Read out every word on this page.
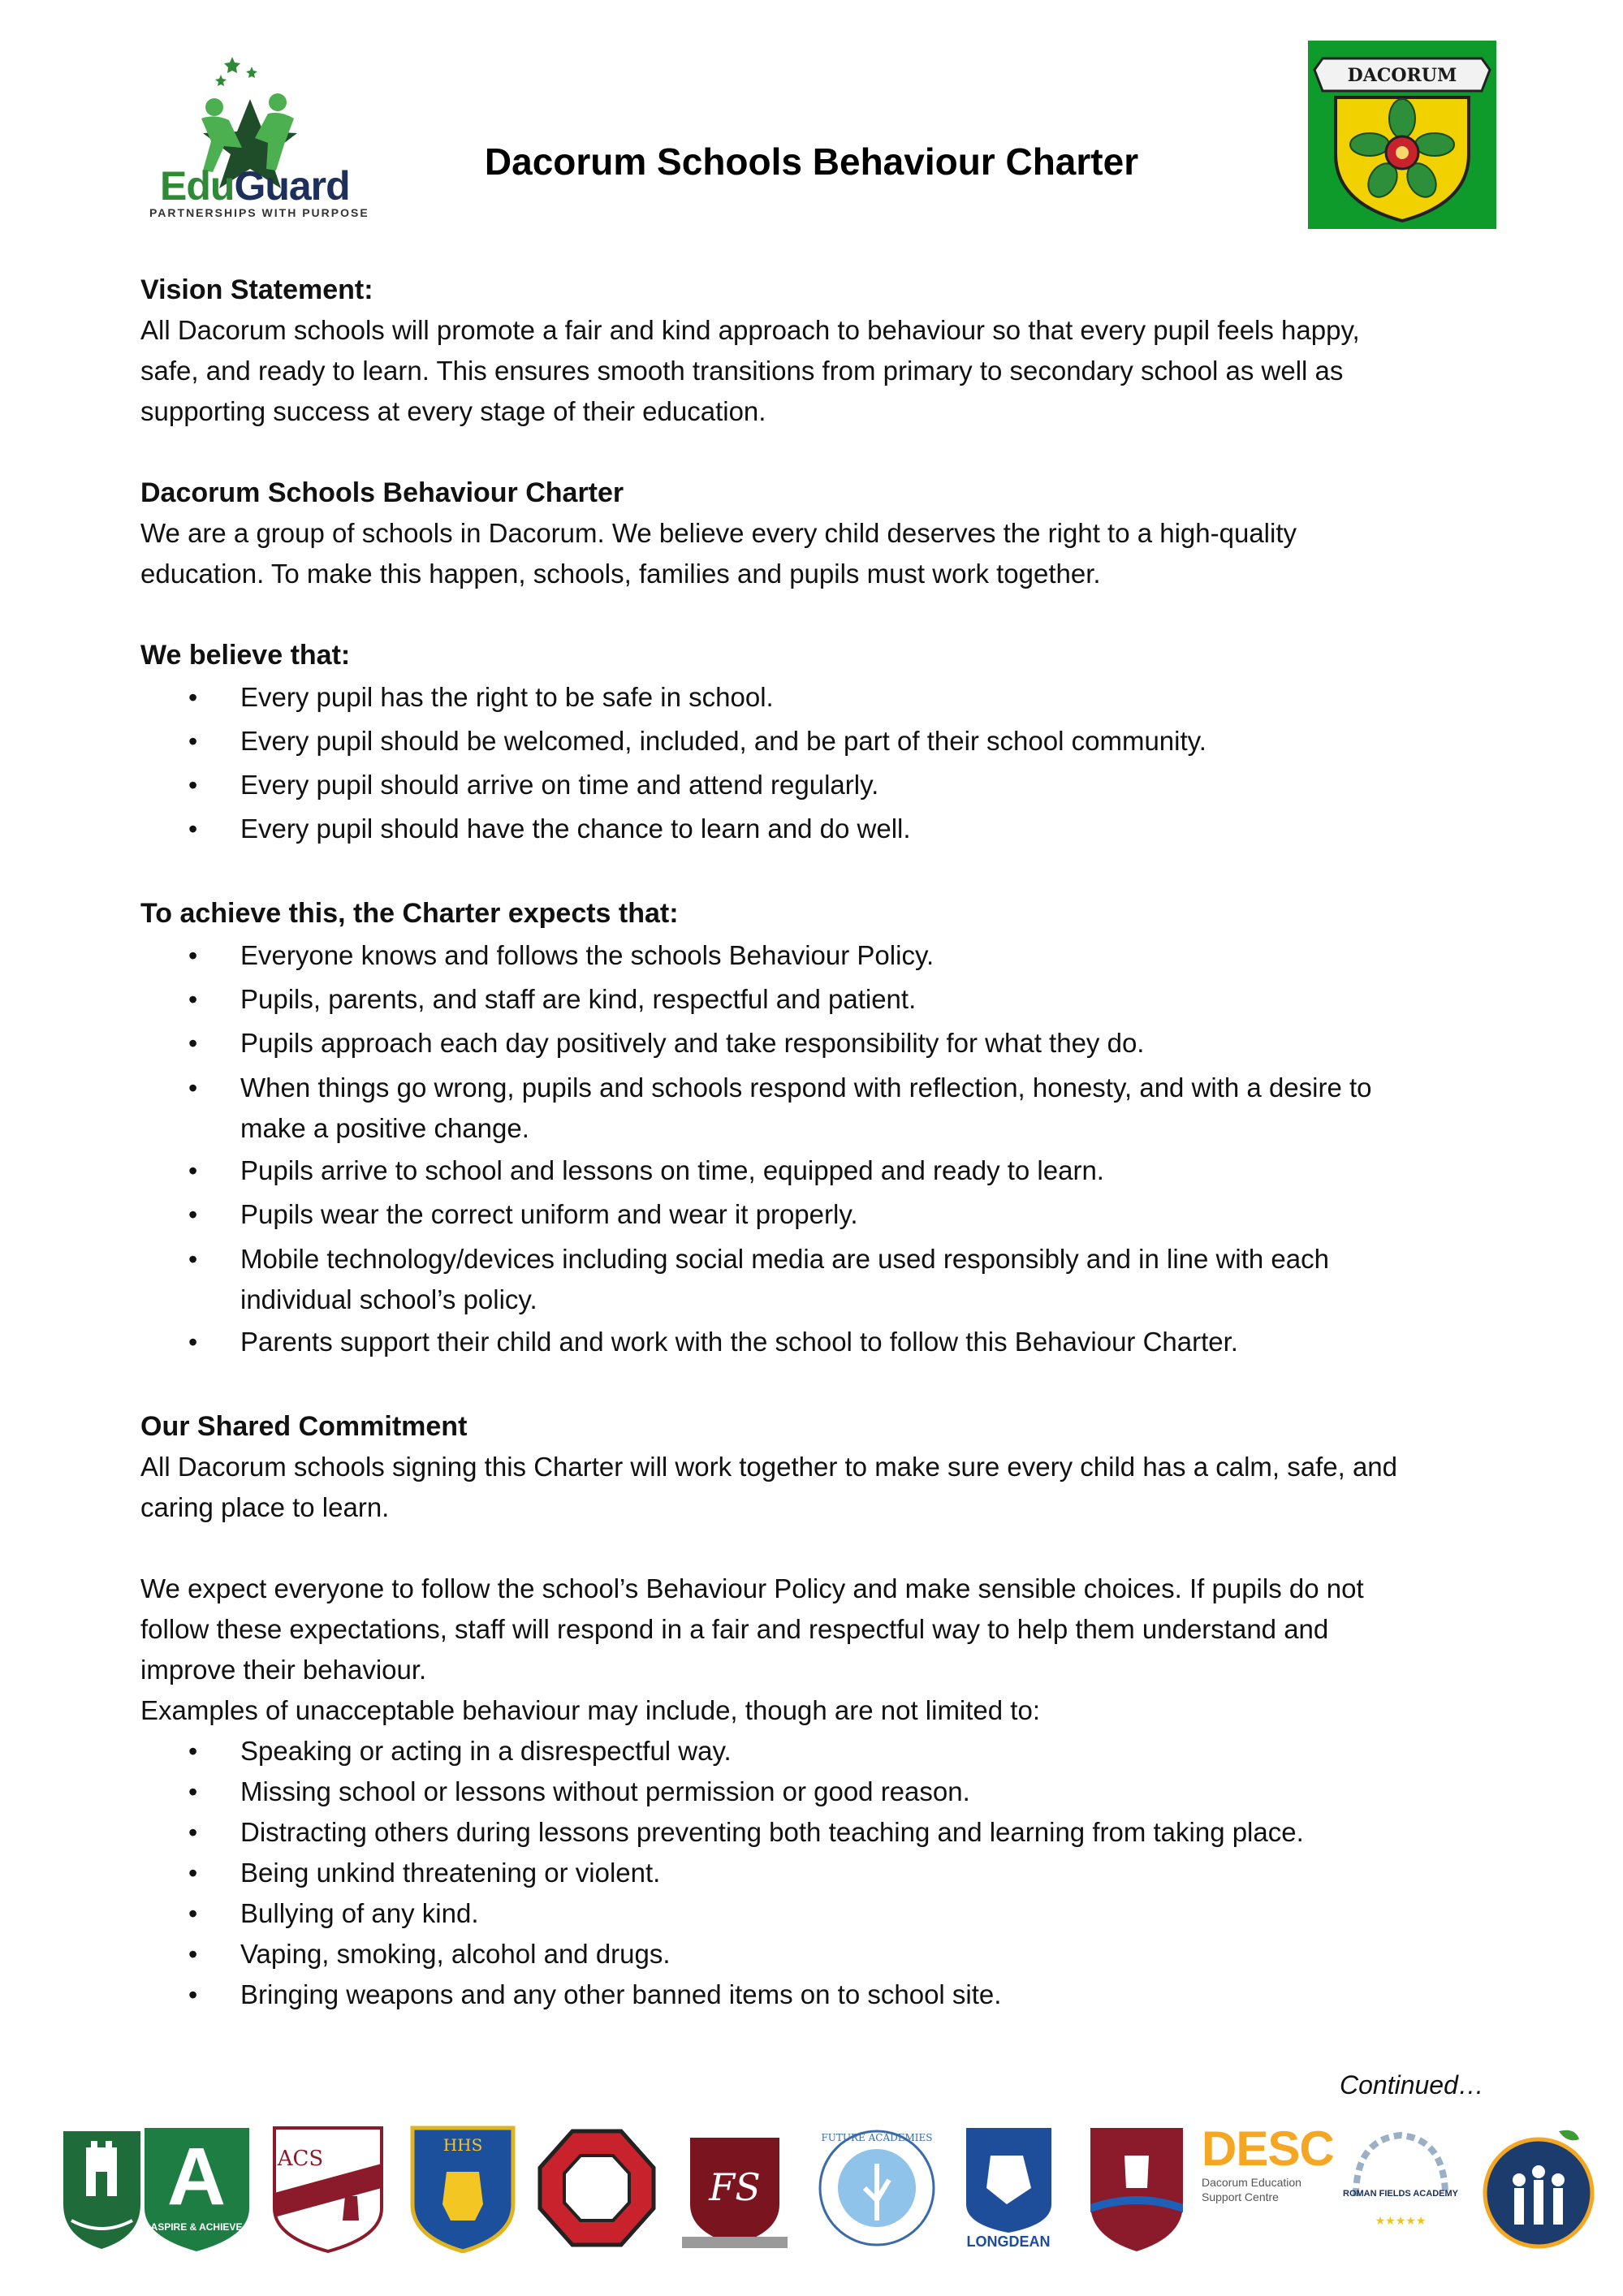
EduGuard
PARTNERSHIPS WITH PURPOSE
Dacorum Schools Behaviour Charter
DACORUM

Vision Statement:

All Dacorum schools will promote a fair and kind approach to behaviour so that every pupil feels happy,

safe, and ready to learn. This ensures smooth transitions from primary to secondary school as well as

supporting success at every stage of their education.

Dacorum Schools Behaviour Charter

We are a group of schools in Dacorum. We believe every child deserves the right to a high-quality

education. To make this happen, schools, families and pupils must work together.

We believe that:

• Every pupil has the right to be safe in school.
• Every pupil should be welcomed, included, and be part of their school community.
• Every pupil should arrive on time and attend regularly.
• Every pupil should have the chance to learn and do well.

To achieve this, the Charter expects that:

• Everyone knows and follows the schools Behaviour Policy.
• Pupils, parents, and staff are kind, respectful and patient.
• Pupils approach each day positively and take responsibility for what they do.
• When things go wrong, pupils and schools respond with reflection, honesty, and with a desire to
make a positive change.
• Pupils arrive to school and lessons on time, equipped and ready to learn.
• Pupils wear the correct uniform and wear it properly.
• Mobile technology/devices including social media are used responsibly and in line with each
individual school’s policy.
• Parents support their child and work with the school to follow this Behaviour Charter.

Our Shared Commitment

All Dacorum schools signing this Charter will work together to make sure every child has a calm, safe, and

caring place to learn.

We expect everyone to follow the school’s Behaviour Policy and make sensible choices. If pupils do not

follow these expectations, staff will respond in a fair and respectful way to help them understand and

improve their behaviour.

Examples of unacceptable behaviour may include, though are not limited to:

• Speaking or acting in a disrespectful way.
• Missing school or lessons without permission or good reason.
• Distracting others during lessons preventing both teaching and learning from taking place.
• Being unkind threatening or violent.
• Bullying of any kind.
• Vaping, smoking, alcohol and drugs.
• Bringing weapons and any other banned items on to school site.
Continued…
A
ASPIRE & ACHIEVE
ACS
HHS
FS
FUTURE ACADEMIES
LONGDEAN
DESC
Dacorum Education Support Centre	ROMAN FIELDS ACADEMY
★★★★★
